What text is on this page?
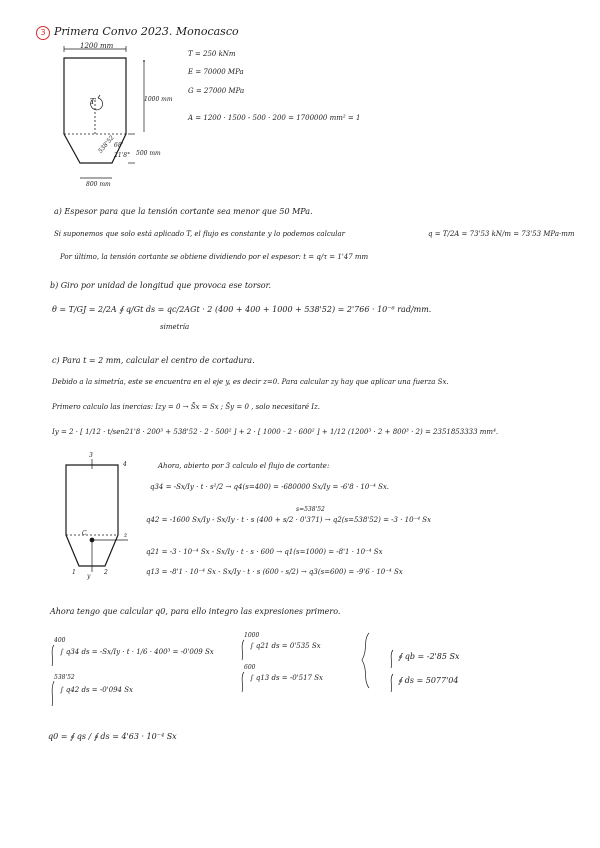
3 Primera Convo 2023. Monocasco
1200 mm
1000 mm
500 mm
800 mm
538'52
68'
21'8°
T
T = 250 kNm
E = 70000 MPa
G = 27000 MPa
A = 1200 · 1500 - 500 · 200 = 1700000 mm² = 1
a) Espesor para que la tensión cortante sea menor que 50 MPa.
Si suponemos que solo está aplicado T, el flujo es constante y lo podemos calcular	q = T/2A = 73'53 kN/m = 73'53 MPa·mm
Por último, la tensión cortante se obtiene dividiendo por el espesor: t = q/τ = 1'47 mm
b) Giro por unidad de longitud que provoca ese torsor.
θ = T/GJ = 2/2A ∮ q/Gt ds = qc/2AGt · 2 (400 + 400 + 1000 + 538'52) = 2'766 · 10⁻⁶ rad/mm.
simetría
c) Para t = 2 mm, calcular el centro de cortadura.
Debido a la simetría, este se encuentra en el eje y, es decir z=0. Para calcular zy hay que aplicar una fuerza Sx.
Primero calculo las inercias: Izy = 0 → S̄x = Sx ; S̄y = 0 , solo necesitaré Iz.
Iy = 2 · [ 1/12 · t/sen21'8 · 200³ + 538'52 · 2 · 500² ] + 2 · [ 1000 · 2 · 600² ] + 1/12 (1200³ · 2 + 800³ · 2) = 2351853333 mm⁴.
3
4
z
2
y
1
C
Ahora, abierto por 3 calculo el flujo de cortante:
q34 = -Sx/Iy · t · s²/2 → q4(s=400) = -680000 Sx/Iy = -6'8 · 10⁻⁴ Sx.
s=538'52
q42 = -1600 Sx/Iy - Sx/Iy · t · s (400 + s/2 · 0'371) → q2(s=538'52) = -3 · 10⁻⁴ Sx
q21 = -3 · 10⁻⁴ Sx - Sx/Iy · t · s · 600 → q1(s=1000) = -8'1 · 10⁻⁴ Sx
q13 = -8'1 · 10⁻⁴ Sx - Sx/Iy · t · s (600 - s/2) → q3(s=600) = -9'6 · 10⁻⁴ Sx
Ahora tengo que calcular q0, para ello integro las expresiones primero.
400
∫ q34 ds = -Sx/Iy · t · 1/6 · 400³ = -0'009 Sx
538'52
∫ q42 ds = -0'094 Sx
1000
∫ q21 ds = 0'535 Sx
600
∫ q13 ds = -0'517 Sx
∮ qb = -2'85 Sx
∮ ds = 5077'04
q0 = ∮ qs / ∮ ds = 4'63 · 10⁻⁴ Sx
